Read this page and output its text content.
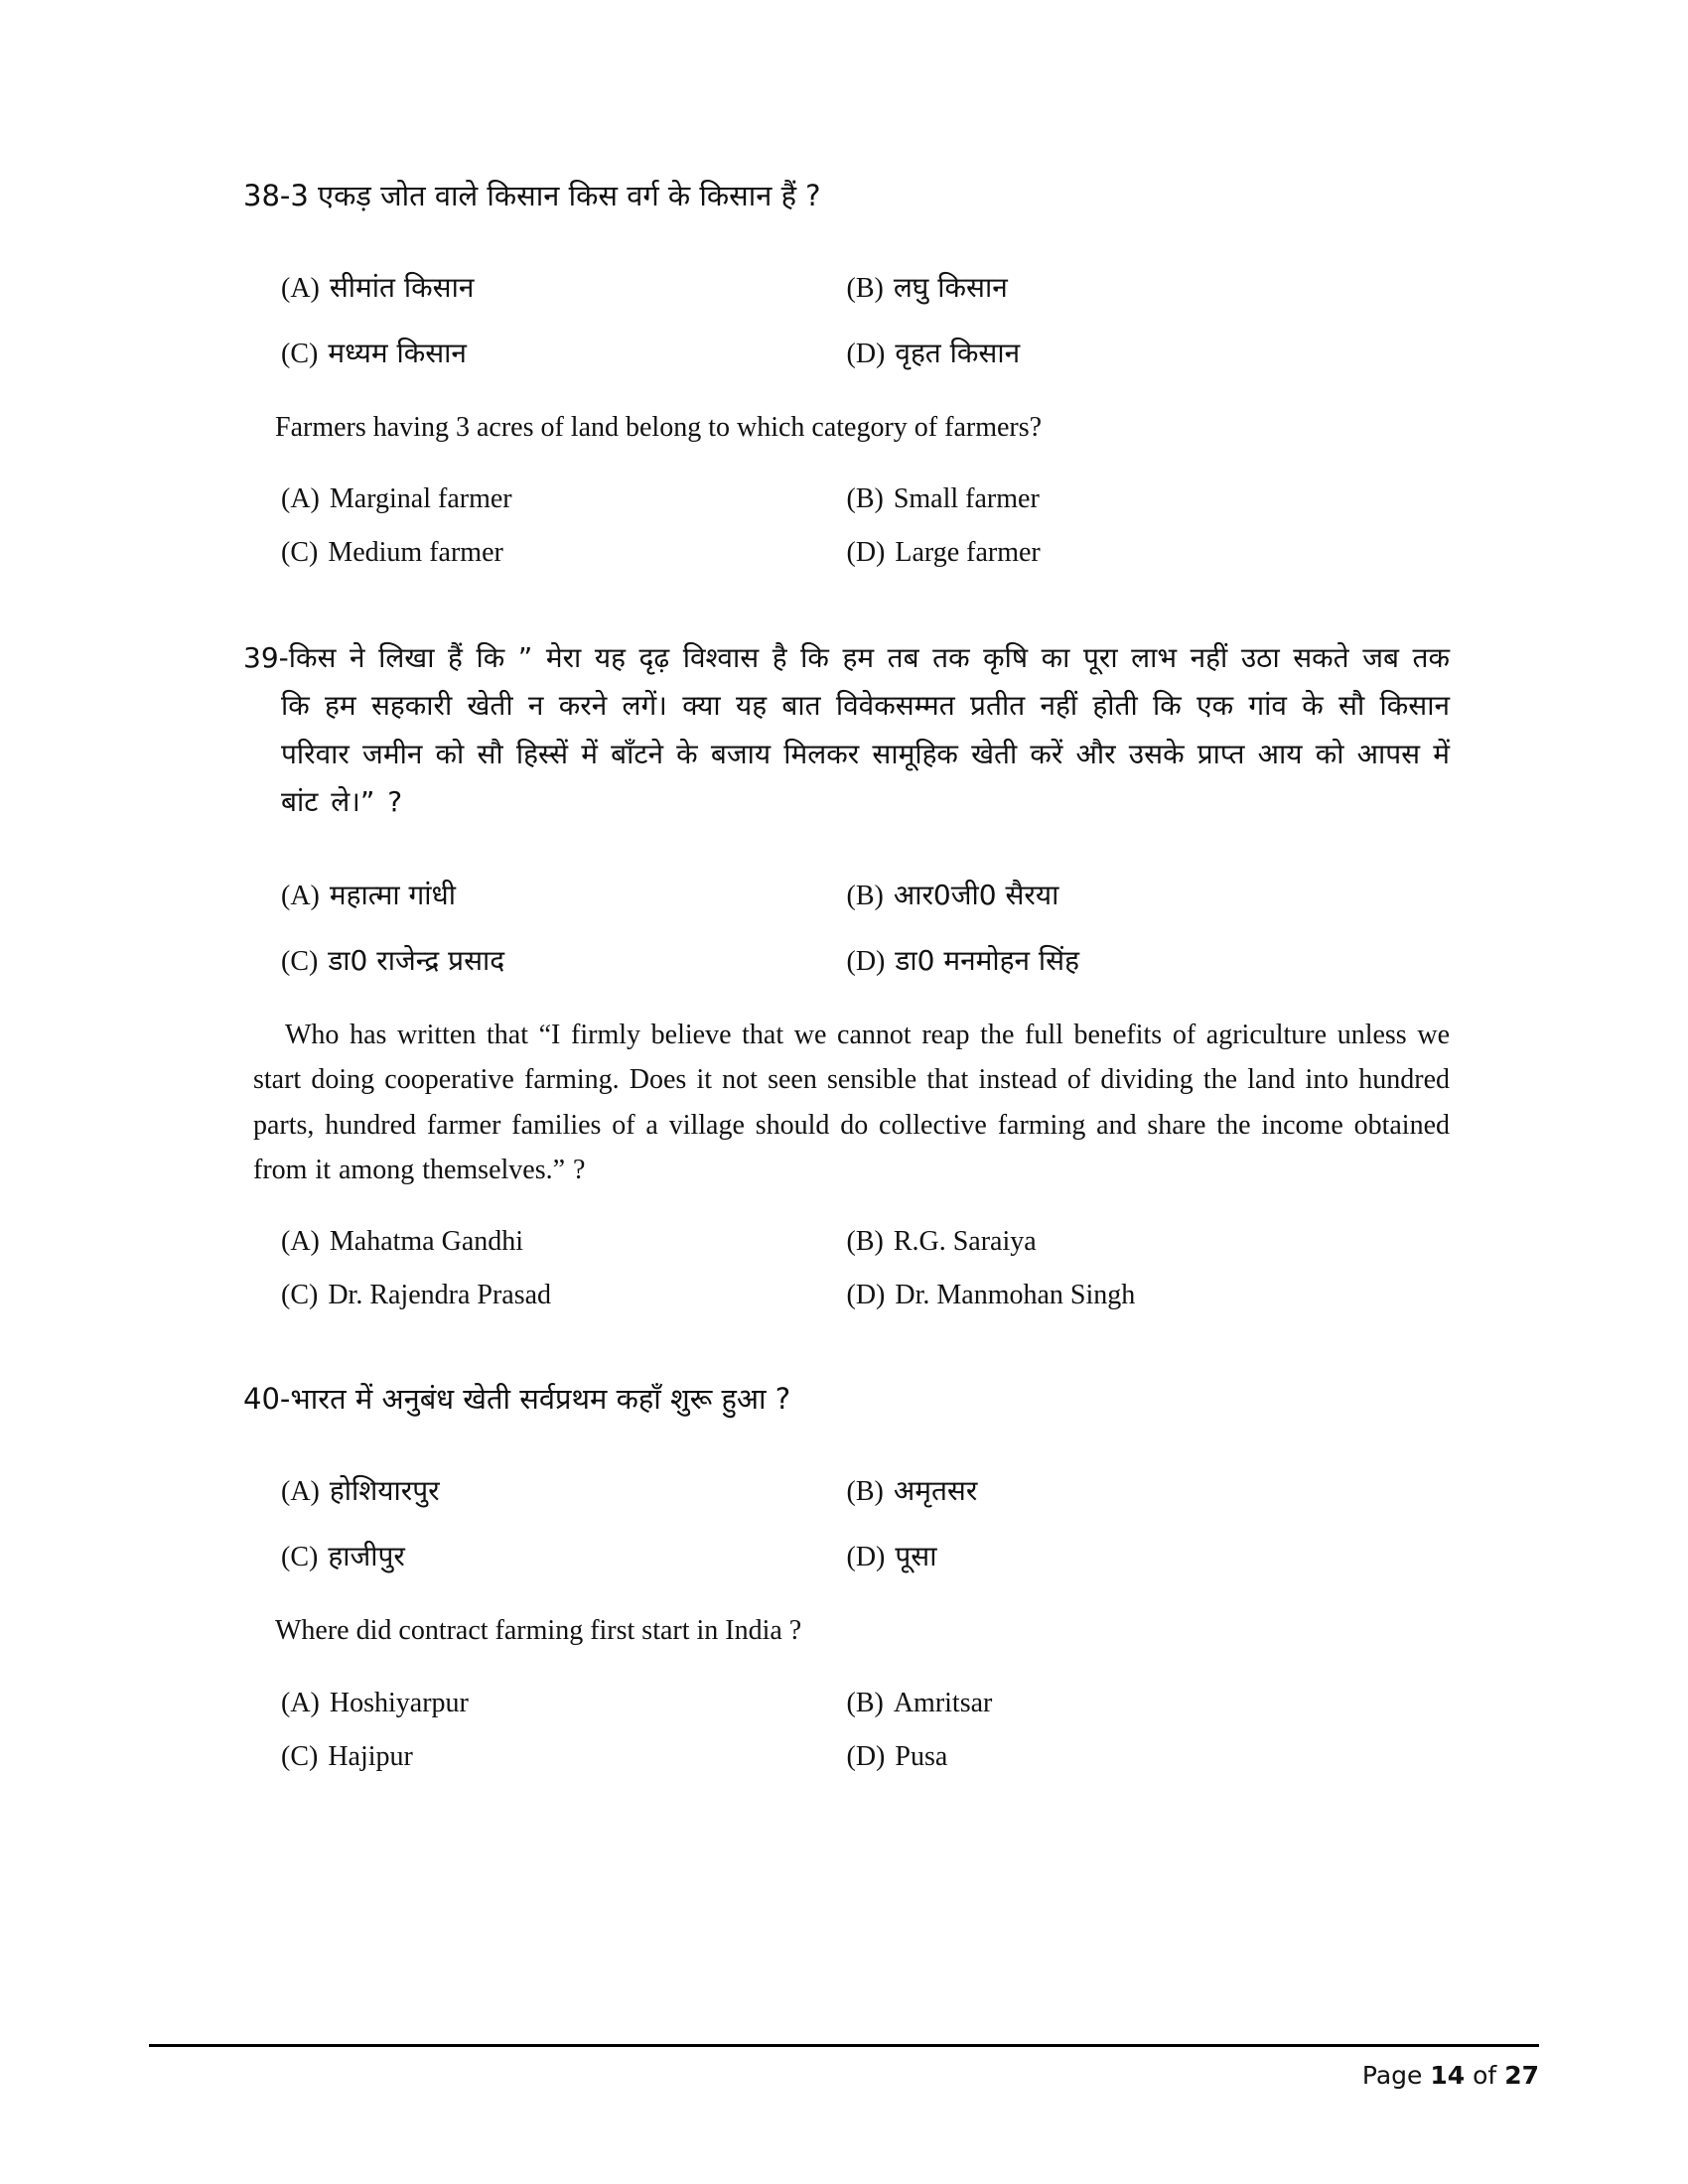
38- 3 एकड़ जोत वाले किसान किस वर्ग के किसान हैं ?
(A) सीमांत किसान	(B) लघु किसान
(C) मध्यम किसान	(D) वृहत किसान
Farmers having 3 acres of land belong to which category of farmers?
(A) Marginal farmer	(B) Small farmer
(C) Medium farmer	(D) Large farmer
39-किस ने लिखा हैं कि ” मेरा यह दृढ़ विश्वास है कि हम तब तक कृषि का पूरा लाभ नहीं उठा सकते जब तक कि हम सहकारी खेती न करने लगें। क्या यह बात विवेकसम्मत प्रतीत नहीं होती कि एक गांव के सौ किसान परिवार जमीन को सौ हिस्सें में बाँटने के बजाय मिलकर सामूहिक खेती करें और उसके प्राप्त आय को आपस में बांट ले।” ?
(A) महात्मा गांधी	(B) आर0जी0 सैरया
(C) डा0 राजेन्द्र प्रसाद	(D) डा0 मनमोहन सिंह
Who has written that “I firmly believe that we cannot reap the full benefits of agriculture unless we start doing cooperative farming. Does it not seen sensible that instead of dividing the land into hundred parts, hundred farmer families of a village should do collective farming and share the income obtained from it among themselves.” ?
(A) Mahatma Gandhi	(B) R.G. Saraiya
(C) Dr. Rajendra Prasad	(D) Dr. Manmohan Singh
40- भारत में अनुबंध खेती सर्वप्रथम कहाँ शुरू हुआ ?
(A) होशियारपुर	(B) अमृतसर
(C) हाजीपुर	(D) पूसा
Where did contract farming first start in India ?
(A) Hoshiyarpur	(B) Amritsar
(C) Hajipur	(D) Pusa
Page 14 of 27
